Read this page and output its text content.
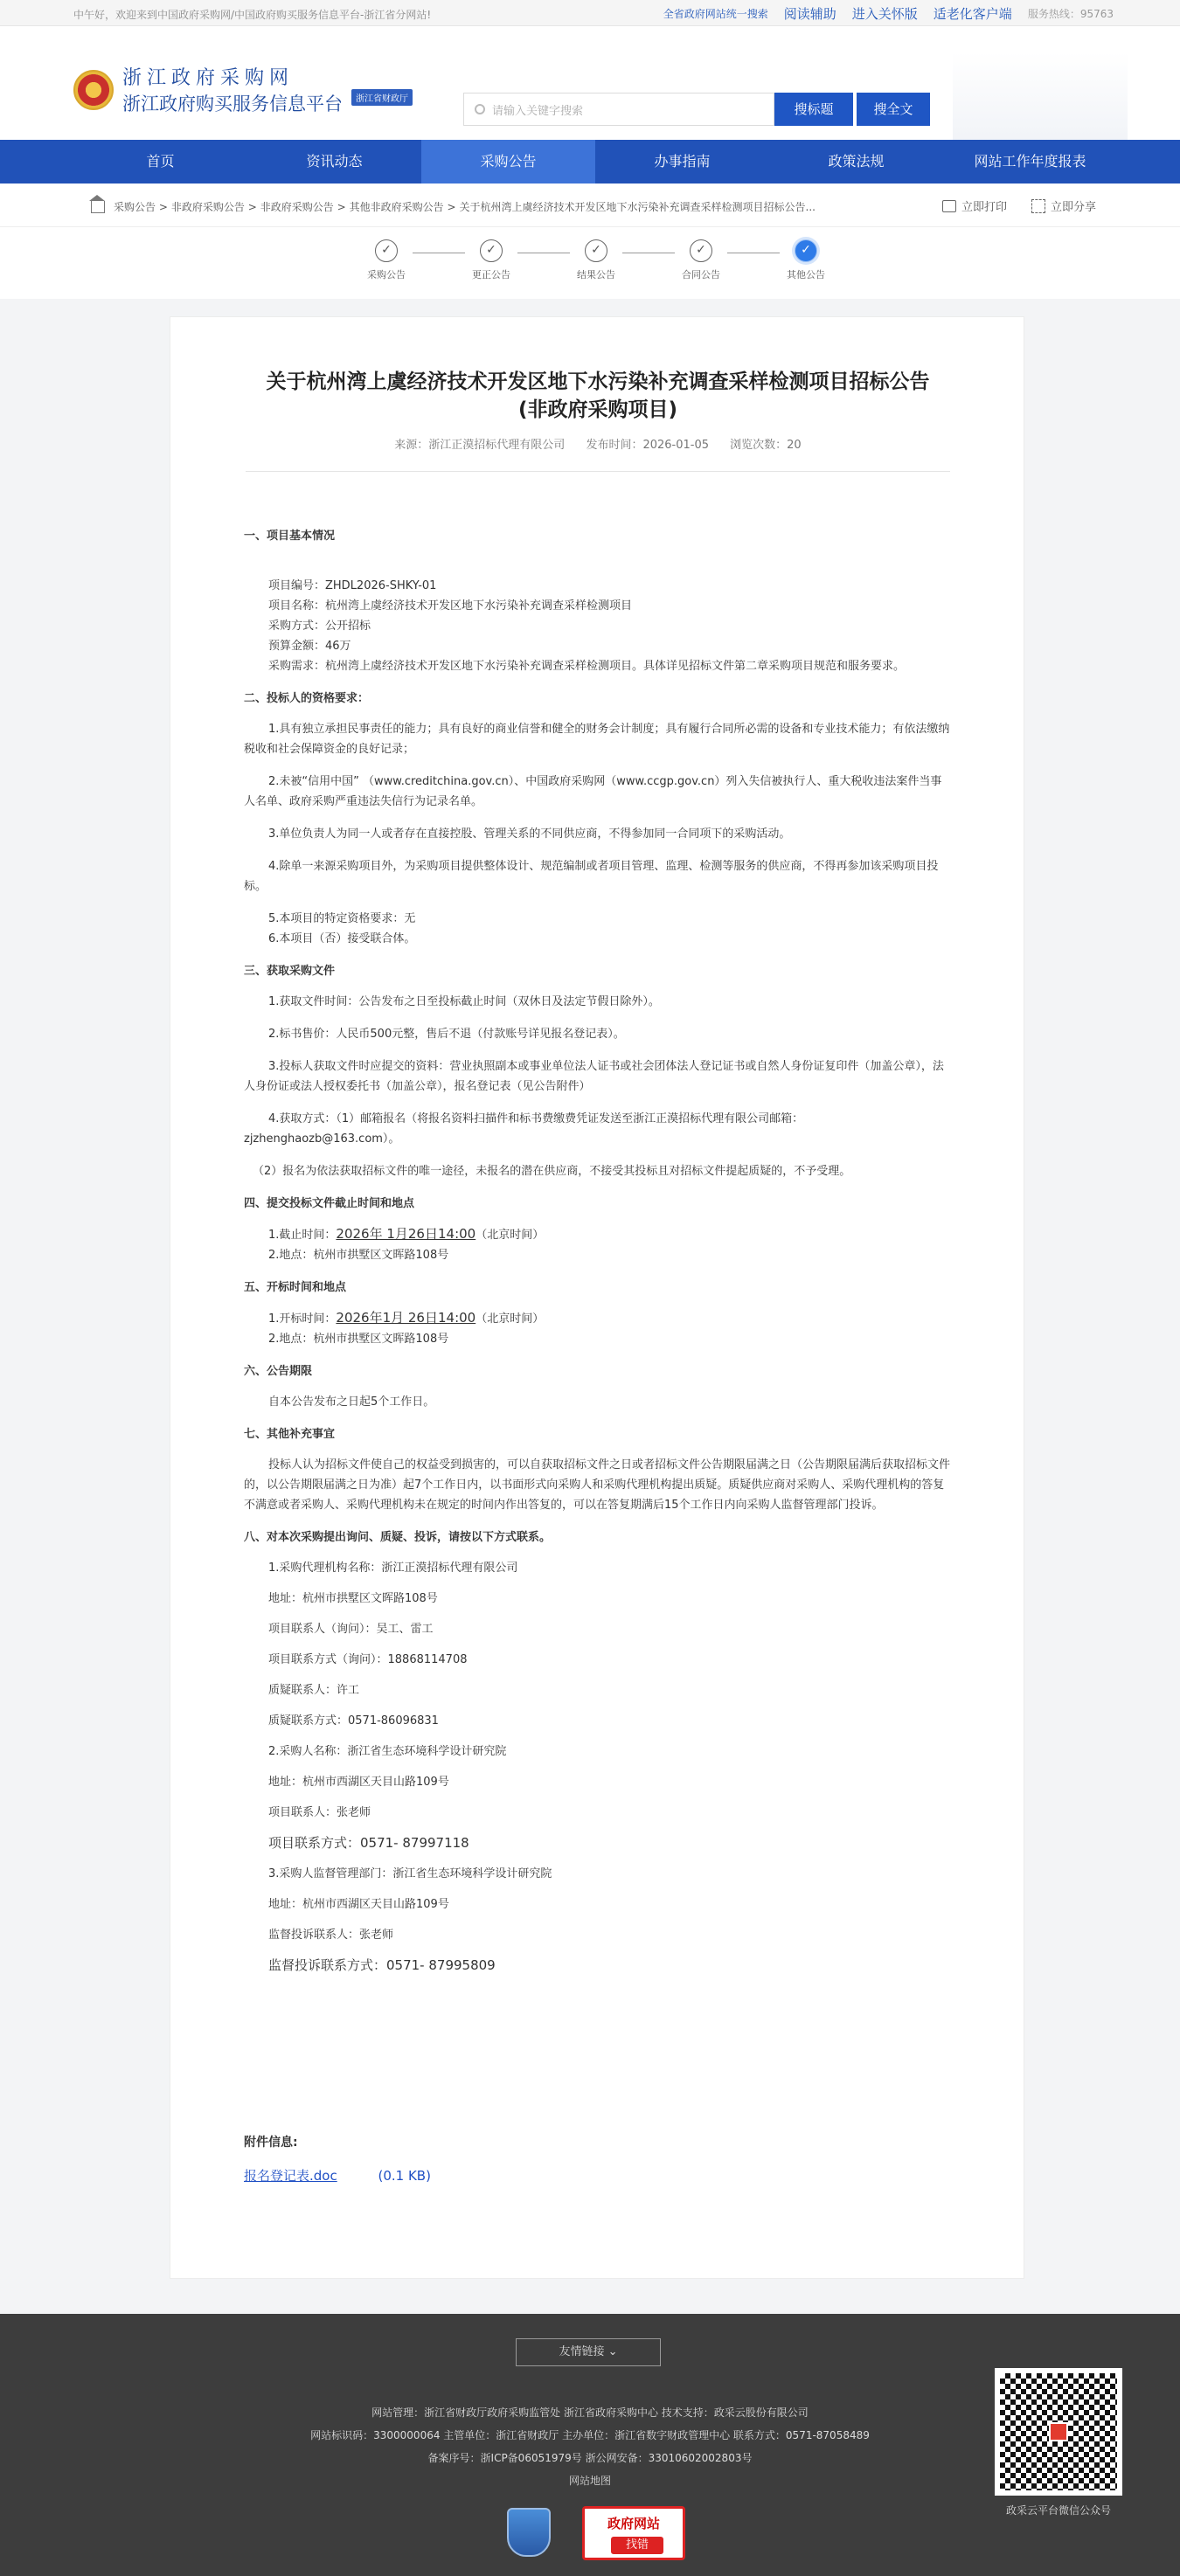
中午好，欢迎来到中国政府采购网/中国政府购买服务信息平台-浙江省分网站!	全省政府网站统一搜索 阅读辅助 进入关怀版 适老化客户端 服务热线：95763
浙江政府采购网
浙江政府购买服务信息平台	浙江省财政厅
请输入关键字搜索	搜标题	搜全文
首页	资讯动态	采购公告	办事指南	政策法规	网站工作年度报表
采购公告 > 非政府采购公告 > 非政府采购公告 > 其他非政府采购公告 > 关于杭州湾上虞经济技术开发区地下水污染补充调查采样检测项目招标公告...	立即打印	立即分享
✓
采购公告
✓
更正公告
✓
结果公告
✓
合同公告
✓
其他公告
关于杭州湾上虞经济技术开发区地下水污染补充调查采样检测项目招标公告
(非政府采购项目)
来源：浙江正漠招标代理有限公司 发布时间：2026-01-05 浏览次数：20

一、项目基本情况

项目编号：ZHDL2026-SHKY-01

项目名称：杭州湾上虞经济技术开发区地下水污染补充调查采样检测项目

采购方式：公开招标

预算金额：46万

采购需求：杭州湾上虞经济技术开发区地下水污染补充调查采样检测项目。具体详见招标文件第二章采购项目规范和服务要求。

二、投标人的资格要求：

1.具有独立承担民事责任的能力；具有良好的商业信誉和健全的财务会计制度；具有履行合同所必需的设备和专业技术能力；有依法缴纳税收和社会保障资金的良好记录；

2.未被“信用中国” （www.creditchina.gov.cn）、中国政府采购网（www.ccgp.gov.cn）列入失信被执行人、重大税收违法案件当事人名单、政府采购严重违法失信行为记录名单。

3.单位负责人为同一人或者存在直接控股、管理关系的不同供应商，不得参加同一合同项下的采购活动。

4.除单一来源采购项目外，为采购项目提供整体设计、规范编制或者项目管理、监理、检测等服务的供应商，不得再参加该采购项目投标。

5.本项目的特定资格要求：无

6.本项目（否）接受联合体。

三、获取采购文件

1.获取文件时间：公告发布之日至投标截止时间（双休日及法定节假日除外）。

2.标书售价：人民币500元整，售后不退（付款账号详见报名登记表）。

3.投标人获取文件时应提交的资料：营业执照副本或事业单位法人证书或社会团体法人登记证书或自然人身份证复印件（加盖公章），法人身份证或法人授权委托书（加盖公章），报名登记表（见公告附件）

4.获取方式：（1）邮箱报名（将报名资料扫描件和标书费缴费凭证发送至浙江正漠招标代理有限公司邮箱：zjzhenghaozb@163.com）。

（2）报名为依法获取招标文件的唯一途径，未报名的潜在供应商，不接受其投标且对招标文件提起质疑的，不予受理。

四、提交投标文件截止时间和地点

1.截止时间：2026年 1月26日14:00（北京时间）

2.地点：杭州市拱墅区文晖路108号

五、开标时间和地点

1.开标时间：2026年1月 26日14:00（北京时间）

2.地点：杭州市拱墅区文晖路108号

六、公告期限

自本公告发布之日起5个工作日。

七、其他补充事宜

投标人认为招标文件使自己的权益受到损害的，可以自获取招标文件之日或者招标文件公告期限届满之日（公告期限届满后获取招标文件的，以公告期限届满之日为准）起7个工作日内，以书面形式向采购人和采购代理机构提出质疑。质疑供应商对采购人、采购代理机构的答复不满意或者采购人、采购代理机构未在规定的时间内作出答复的，可以在答复期满后15个工作日内向采购人监督管理部门投诉。

八、对本次采购提出询问、质疑、投诉，请按以下方式联系。

1.采购代理机构名称：浙江正漠招标代理有限公司

地址：杭州市拱墅区文晖路108号

项目联系人（询问）：吴工、雷工

项目联系方式（询问）：18868114708

质疑联系人：许工

质疑联系方式：0571-86096831

2.采购人名称：浙江省生态环境科学设计研究院

地址：杭州市西湖区天目山路109号

项目联系人：张老师

项目联系方式：0571- 87997118

3.采购人监督管理部门：浙江省生态环境科学设计研究院

地址：杭州市西湖区天目山路109号

监督投诉联系人：张老师

监督投诉联系方式：0571- 87995809

附件信息:
报名登记表.doc	(0.1 KB)
友情链接 ⌄
网站管理：浙江省财政厅政府采购监管处 浙江省政府采购中心 技术支持：政采云股份有限公司
网站标识码：3300000064 主管单位：浙江省财政厅 主办单位：浙江省数字财政管理中心 联系方式：0571-87058489
备案序号：浙ICP备06051979号 浙公网安备：33010602002803号
网站地图
政采云平台微信公众号
政府网站
找错
